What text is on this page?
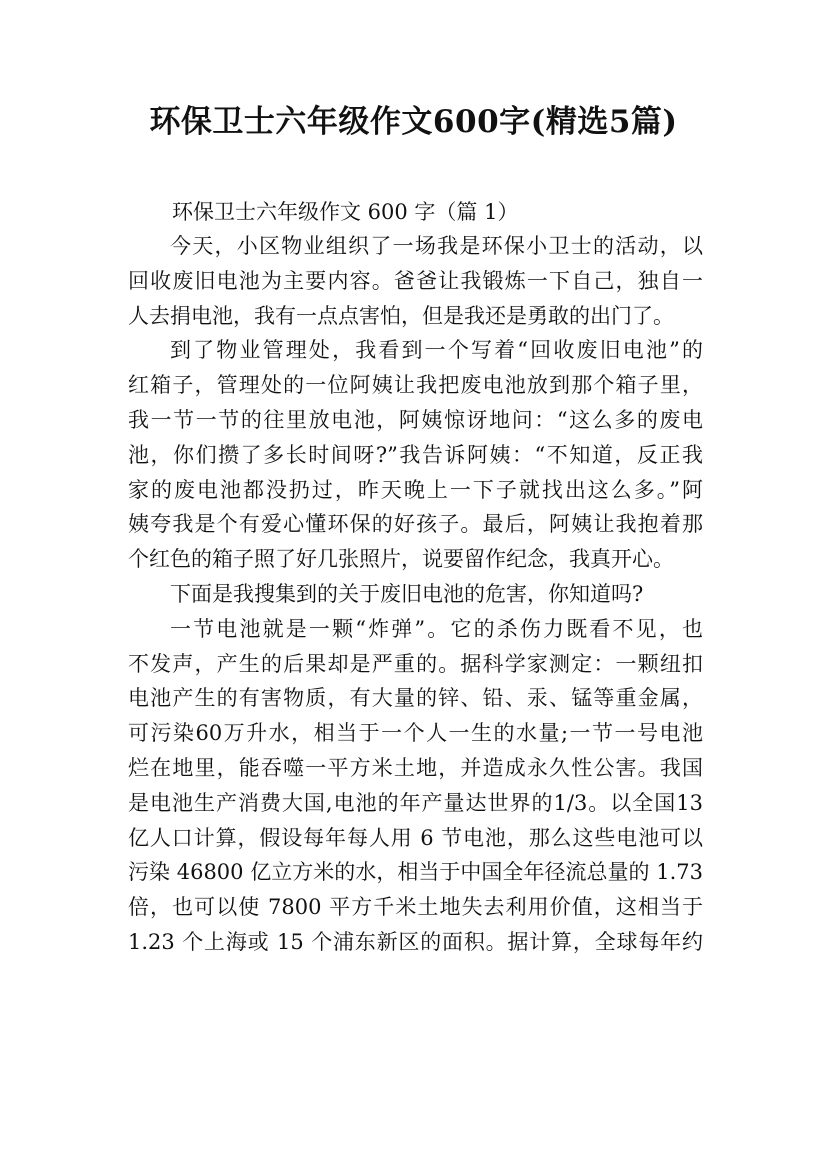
环保卫士六年级作文600字(精选5篇)
环保卫士六年级作文 600 字（篇 1）
今天，小区物业组织了一场我是环保小卫士的活动，以
回收废旧电池为主要内容。爸爸让我锻炼一下自己，独自一
人去捐电池，我有一点点害怕，但是我还是勇敢的出门了。
到了物业管理处，我看到一个写着“回收废旧电池”的
红箱子，管理处的一位阿姨让我把废电池放到那个箱子里，
我一节一节的往里放电池，阿姨惊讶地问：“这么多的废电
池，你们攒了多长时间呀?”我告诉阿姨：“不知道，反正我
家的废电池都没扔过，昨天晚上一下子就找出这么多。”阿
姨夸我是个有爱心懂环保的好孩子。最后，阿姨让我抱着那
个红色的箱子照了好几张照片，说要留作纪念，我真开心。
下面是我搜集到的关于废旧电池的危害，你知道吗?
一节电池就是一颗“炸弹”。它的杀伤力既看不见，也
不发声，产生的后果却是严重的。据科学家测定：一颗纽扣
电池产生的有害物质，有大量的锌、铅、汞、锰等重金属，
可污染60万升水，相当于一个人一生的水量;一节一号电池
烂在地里，能吞噬一平方米土地，并造成永久性公害。我国
是电池生产消费大国,电池的年产量达世界的1/3。以全国13
亿人口计算，假设每年每人用 6 节电池，那么这些电池可以
污染 46800 亿立方米的水，相当于中国全年径流总量的 1.73
倍，也可以使 7800 平方千米土地失去利用价值，这相当于
1.23 个上海或 15 个浦东新区的面积。据计算，全球每年约
